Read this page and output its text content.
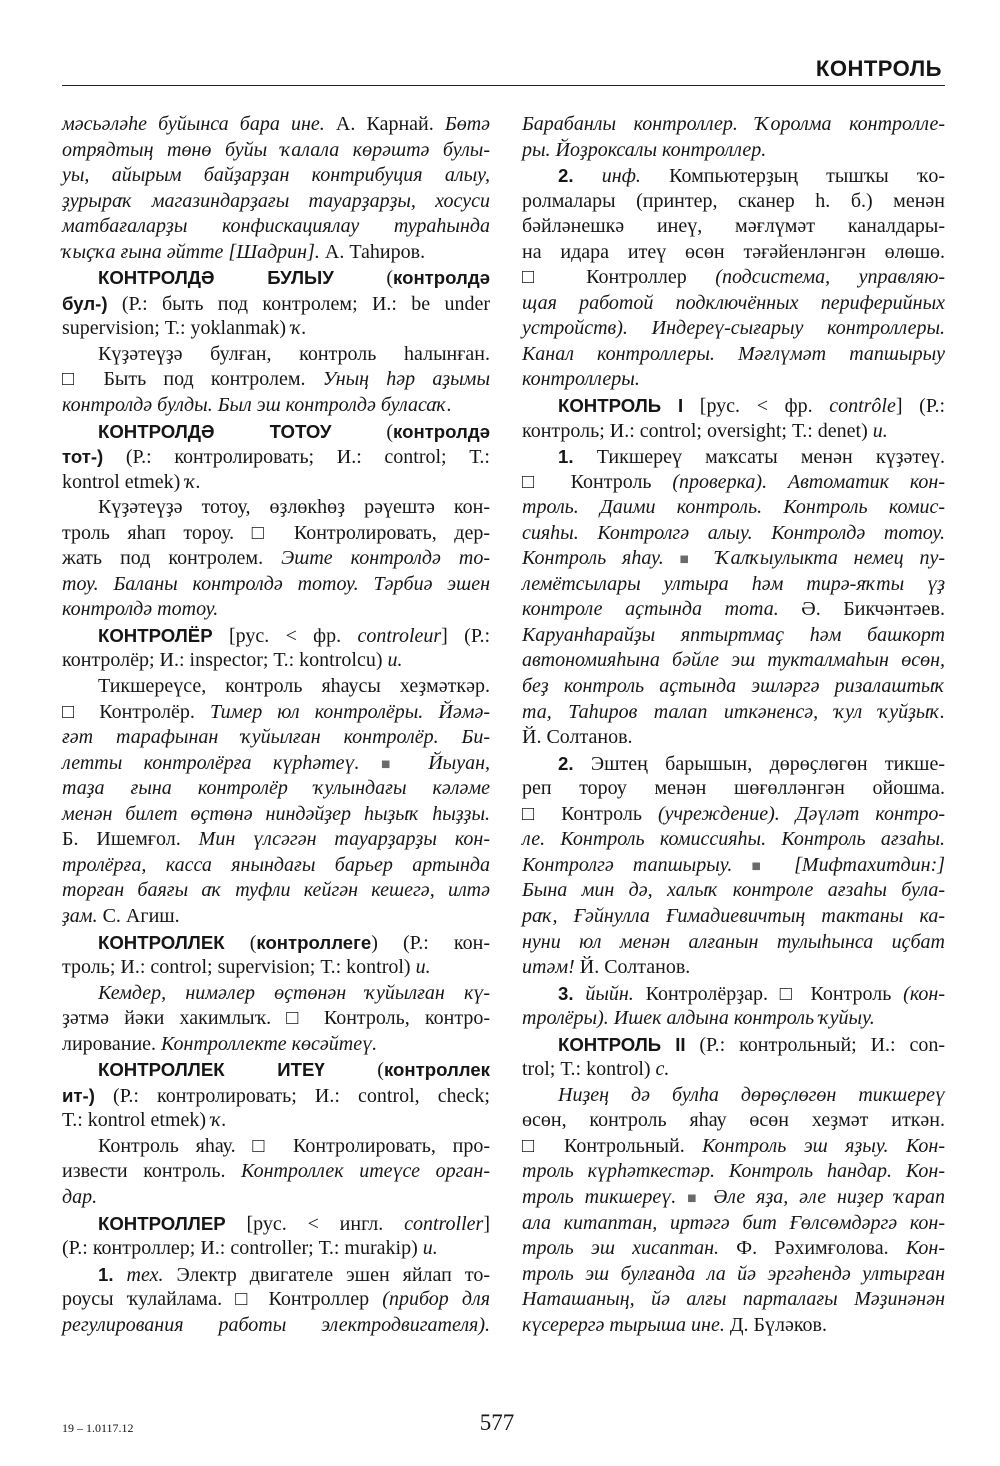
КОНТРОЛЬ
мәсьәләһе буйынса бара ине. А. Карнай. Бөтә
отрядтың төнө буйы ҡалала көрәштә булы-
уы, айырым байҙарҙан контрибуция алыу,
ҙурыраҡ магазиндарҙағы тауарҙарҙы, хосуси
матбағаларҙы конфискациялау тураһында
ҡыҫҡа ғына әйтте [Шадрин]. А. Таһиров.
КОНТРОЛДӘ БУЛЫУ (контролдә
бул-) (Р.: быть под контролем; И.: be under
supervision; Т.: yoklanmak) ҡ.
Күҙәтеүҙә булған, контроль һалынған.
□ Быть под контролем. Уның һәр аҙымы
контролдә булды. Был эш контролдә буласаҡ.
КОНТРОЛДӘ ТОТОУ (контролдә
тот-) (Р.: контролировать; И.: control; Т.:
kontrol etmek) ҡ.
Күҙәтеүҙә тотоу, өҙлөкһөҙ рәүештә кон-
троль яһап тороу. □ Контролировать, дер-
жать под контролем. Эште контролдә то-
тоу. Баланы контролдә тотоу. Тәрбиә эшен
контролдә тотоу.
КОНТРОЛЁР [рус. < фр. controleur] (Р.:
контролёр; И.: inspector; Т.: kontrolcu) и.
Тикшереүсе, контроль яһаусы хеҙмәткәр.
□ Контролёр. Тимер юл контролёры. Йәмә-
ғәт тарафынан ҡуйылған контролёр. Би-
летты контролёрға күрһәтеү. ■ Йыуан,
таҙа ғына контролёр ҡулындағы кәләме
менән билет өҫтөнә ниндәйҙер һыҙыҡ һыҙҙы.
Б. Ишемғол. Мин үлсәгән тауарҙарҙы кон-
тролёрға, касса янындағы барьер артында
торған баяғы аҡ туфли кейгән кешегә, илтә
ҙам. С. Агиш.
КОНТРОЛЛЕК (контроллеге) (Р.: кон-
троль; И.: control; supervision; Т.: kontrol) и.
Кемдер, нимәлер өҫтөнән ҡуйылған кү-
ҙәтмә йәки хакимлыҡ. □ Контроль, контро-
лирование. Контроллекте көсәйтеү.
КОНТРОЛЛЕК ИТЕҮ (контроллек
ит-) (Р.: контролировать; И.: control, check;
Т.: kontrol etmek) ҡ.
Контроль яһау. □ Контролировать, про-
извести контроль. Контроллек итеүсе орган-
дар.
КОНТРОЛЛЕР [рус. < ингл. controller]
(Р.: контроллер; И.: controller; Т.: murakip) и.
1. тех. Электр двигателе эшен яйлап то-
роусы ҡулайлама. □ Контроллер (прибор для
регулирования работы электродвигателя).
Барабанлы контроллер. Ҡоролма контролле-
ры. Йоҙроксалы контроллер.
2. инф. Компьютерҙың тышҡы ҡо-
ролмалары (принтер, сканер һ. б.) менән
бәйләнешкә инеү, мәғлүмәт каналдары-
на идара итеү өсөн тәғәйенләнгән өлөшө.
□ Контроллер (подсистема, управляю-
щая работой подключённых периферийных
устройств). Индереү-сығарыу контроллеры.
Канал контроллеры. Мәғлүмәт тапшырыу
контроллеры.
КОНТРОЛЬ I [рус. < фр. contrôle] (Р.:
контроль; И.: control; oversight; Т.: denet) и.
1. Тикшереү маҡсаты менән күҙәтеү.
□ Контроль (проверка). Автоматик кон-
троль. Даими контроль. Контроль комис-
сияһы. Контролгә алыу. Контролдә тотоу.
Контроль яһау. ■ Ҡалҡыулыкта немец пу-
лемётсылары ултыра һәм тирә-яҡты үҙ
контроле аҫтында тота. Ә. Бикчәнтәев.
Каруанһарайҙы яптыртмаҫ һәм башкорт
автономияһына бәйле эш тукталмаһын өсөн,
беҙ контроль аҫтында эшләргә ризалаштыҡ
та, Таһиров талап иткәненсә, ҡул ҡуйҙыҡ.
Й. Солтанов.
2. Эштең барышын, дөрөҫлөгөн тикше-
реп тороу менән шөғөлләнгән ойошма.
□ Контроль (учреждение). Дәүләт контро-
ле. Контроль комиссияһы. Контроль ағзаһы.
Контролгә тапшырыу. ■ [Мифтахитдин:]
Бына мин дә, халыҡ контроле ағзаһы була-
раҡ, Ғәйнулла Ғимадиевичтың тактаны ка-
нуни юл менән алғанын тулыһынса иҫбат
итәм! Й. Солтанов.
3. йыйн. Контролёрҙар. □ Контроль (кон-
тролёры). Ишек алдына контроль ҡуйыу.
КОНТРОЛЬ II (Р.: контрольный; И.: con-
trol; Т.: kontrol) с.
Ниҙең дә булһа дөрөҫлөгөн тикшереү
өсөн, контроль яһау өсөн хеҙмәт иткән.
□ Контрольный. Контроль эш яҙыу. Кон-
троль күрһәткестәр. Контроль һандар. Кон-
троль тикшереү. ■ Әле яҙа, әле ниҙер ҡарап
ала китаптан, иртәгә бит Ғөлсөмдәргә кон-
троль эш хисаптан. Ф. Рәхимғолова. Кон-
троль эш булғанда ла йә эргәһендә ултырған
Наташаның, йә алғы парталағы Мәҙинәнән
күсерергә тырыша ине. Д. Бүләков.
19 – 1.0117.12	577
